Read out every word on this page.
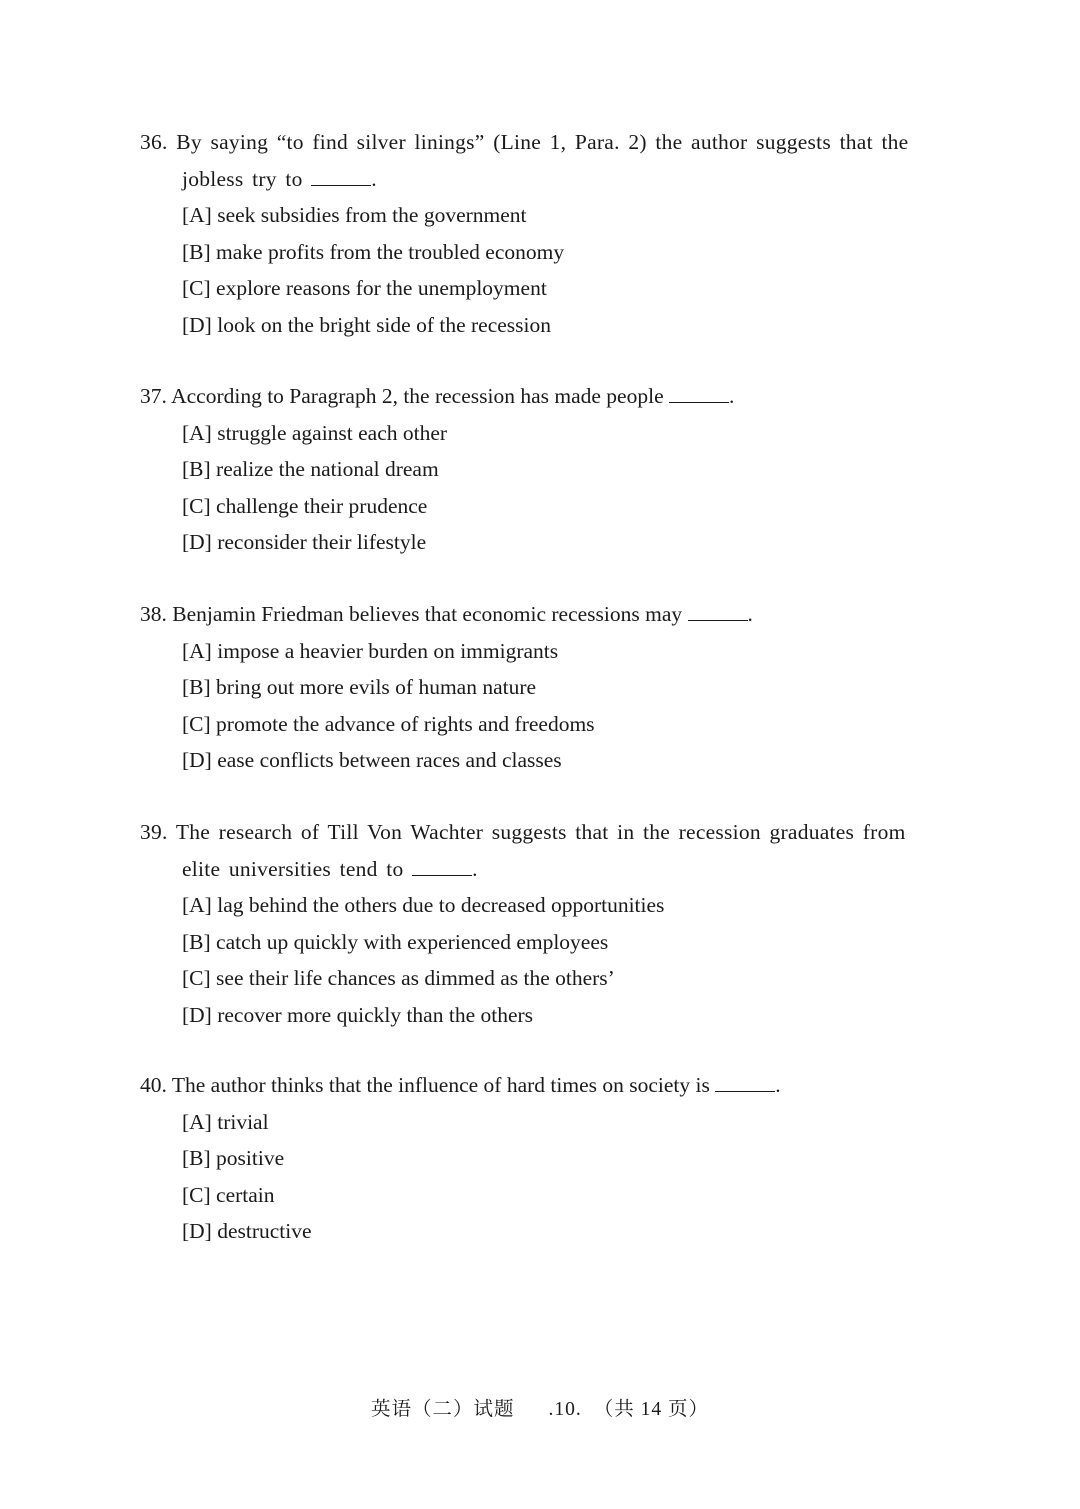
36. By saying “to find silver linings” (Line 1, Para. 2) the author suggests that the
jobless try to	.
[A] seek subsidies from the government
[B] make profits from the troubled economy
[C] explore reasons for the unemployment
[D] look on the bright side of the recession
37. According to Paragraph 2, the recession has made people	.
[A] struggle against each other
[B] realize the national dream
[C] challenge their prudence
[D] reconsider their lifestyle
38. Benjamin Friedman believes that economic recessions may	.
[A] impose a heavier burden on immigrants
[B] bring out more evils of human nature
[C] promote the advance of rights and freedoms
[D] ease conflicts between races and classes
39. The research of Till Von Wachter suggests that in the recession graduates from
elite universities tend to	.
[A] lag behind the others due to decreased opportunities
[B] catch up quickly with experienced employees
[C] see their life chances as dimmed as the others’
[D] recover more quickly than the others
40. The author thinks that the influence of hard times on society is	.
[A] trivial
[B] positive
[C] certain
[D] destructive
英语（二）试题 .10. （共 14 页）
